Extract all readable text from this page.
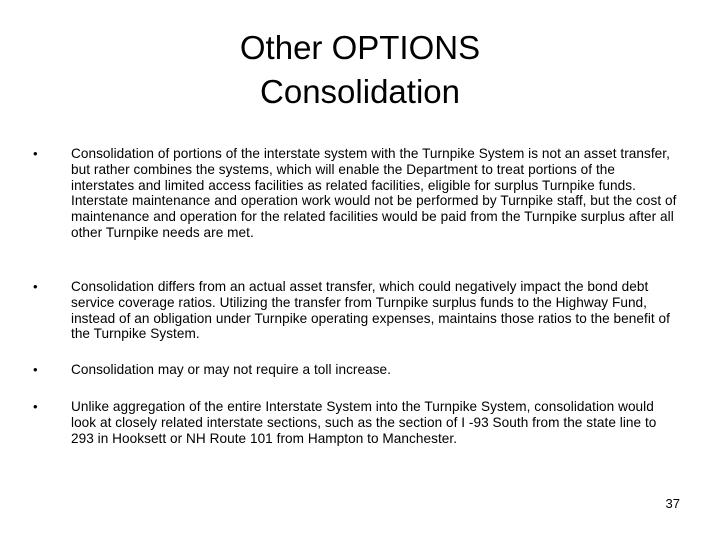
Other OPTIONS
Consolidation
• Consolidation of portions of the interstate system with the Turnpike System is not an asset transfer, but rather combines the systems, which will enable the Department to treat portions of the interstates and limited access facilities as related facilities, eligible for surplus Turnpike funds. Interstate maintenance and operation work would not be performed by Turnpike staff, but the cost of maintenance and operation for the related facilities would be paid from the Turnpike surplus after all other Turnpike needs are met.
• Consolidation differs from an actual asset transfer, which could negatively impact the bond debt service coverage ratios. Utilizing the transfer from Turnpike surplus funds to the Highway Fund, instead of an obligation under Turnpike operating expenses, maintains those ratios to the benefit of the Turnpike System.
• Consolidation may or may not require a toll increase.
• Unlike aggregation of the entire Interstate System into the Turnpike System, consolidation would look at closely related interstate sections, such as the section of I -93 South from the state line to 293 in Hooksett or NH Route 101 from Hampton to Manchester.
37
